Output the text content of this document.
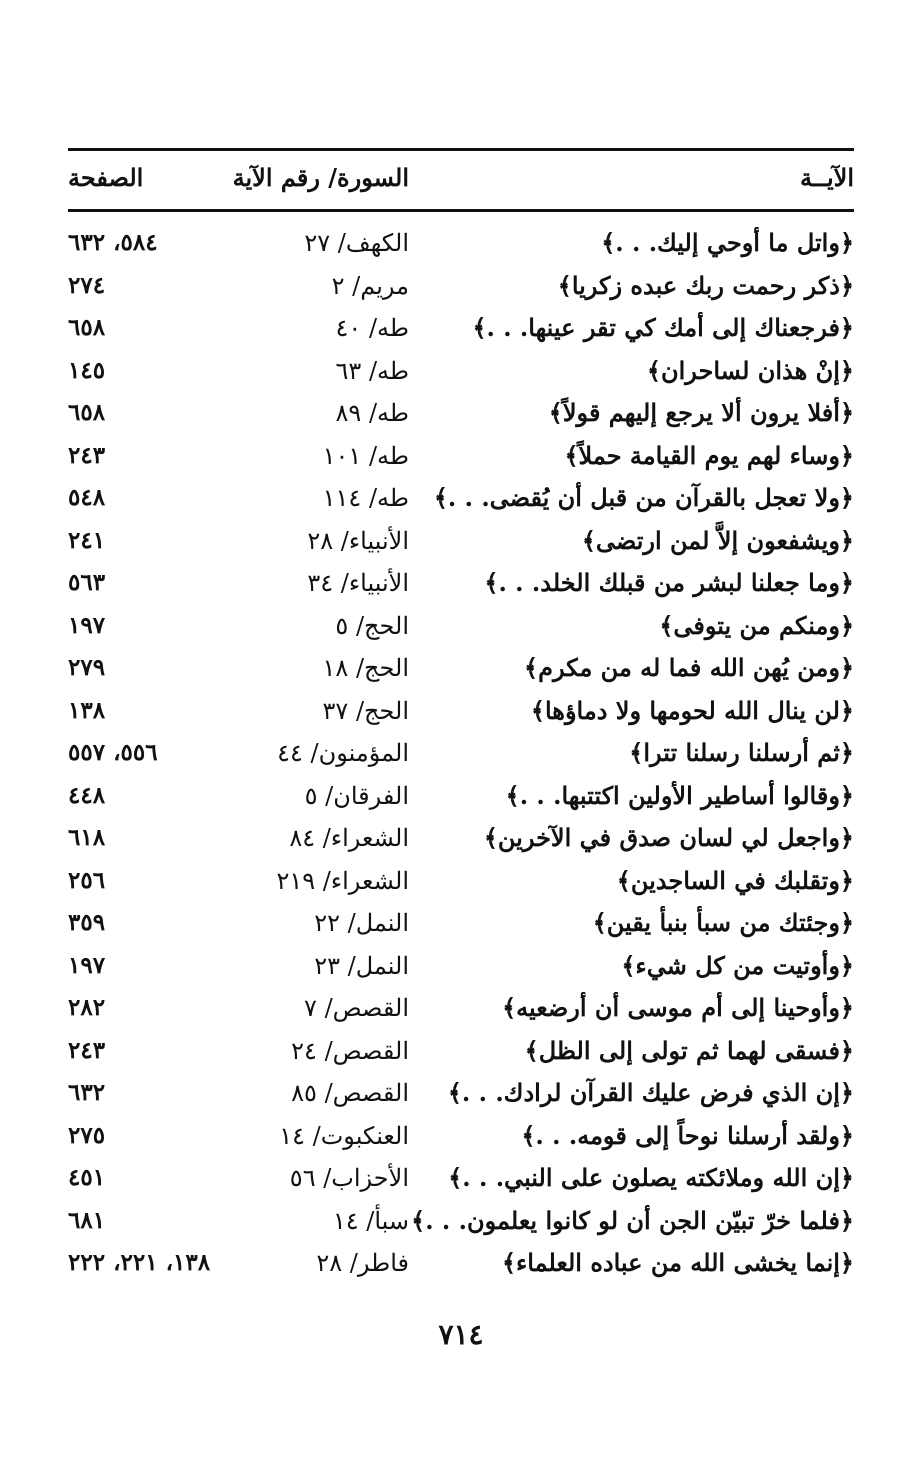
الآيــة
السورة/ رقم الآية
الصفحة
﴿واتل ما أوحي إليك. . .﴾
الكهف/ ٢٧
٥٨٤، ٦٣٢
﴿ذكر رحمت ربك عبده زكريا﴾
مريم/ ٢
٢٧٤
﴿فرجعناك إلى أمك كي تقر عينها. . .﴾
طه/ ٤٠
٦٥٨
﴿إنْ هذان لساحران﴾
طه/ ٦٣
١٤٥
﴿أفلا يرون ألا يرجع إليهم قولاً﴾
طه/ ٨٩
٦٥٨
﴿وساء لهم يوم القيامة حملاً﴾
طه/ ١٠١
٢٤٣
﴿ولا تعجل بالقرآن من قبل أن يُقضى. . .﴾
طه/ ١١٤
٥٤٨
﴿ويشفعون إلاَّ لمن ارتضى﴾
الأنبياء/ ٢٨
٢٤١
﴿وما جعلنا لبشر من قبلك الخلد. . .﴾
الأنبياء/ ٣٤
٥٦٣
﴿ومنكم من يتوفى﴾
الحج/ ٥
١٩٧
﴿ومن يُهن الله فما له من مكرم﴾
الحج/ ١٨
٢٧٩
﴿لن ينال الله لحومها ولا دماؤها﴾
الحج/ ٣٧
١٣٨
﴿ثم أرسلنا رسلنا تترا﴾
المؤمنون/ ٤٤
٥٥٦، ٥٥٧
﴿وقالوا أساطير الأولين اكتتبها. . .﴾
الفرقان/ ٥
٤٤٨
﴿واجعل لي لسان صدق في الآخرين﴾
الشعراء/ ٨٤
٦١٨
﴿وتقلبك في الساجدين﴾
الشعراء/ ٢١٩
٢٥٦
﴿وجئتك من سبأ بنبأ يقين﴾
النمل/ ٢٢
٣٥٩
﴿وأوتيت من كل شيء﴾
النمل/ ٢٣
١٩٧
﴿وأوحينا إلى أم موسى أن أرضعيه﴾
القصص/ ٧
٢٨٢
﴿فسقى لهما ثم تولى إلى الظل﴾
القصص/ ٢٤
٢٤٣
﴿إن الذي فرض عليك القرآن لرادك. . .﴾
القصص/ ٨٥
٦٣٢
﴿ولقد أرسلنا نوحاً إلى قومه. . .﴾
العنكبوت/ ١٤
٢٧٥
﴿إن الله وملائكته يصلون على النبي. . .﴾
الأحزاب/ ٥٦
٤٥١
﴿فلما خرّ تبيّن الجن أن لو كانوا يعلمون. . .﴾
سبأ/ ١٤
٦٨١
﴿إنما يخشى الله من عباده العلماء﴾
فاطر/ ٢٨
١٣٨، ٢٢١، ٢٢٢
٧١٤
